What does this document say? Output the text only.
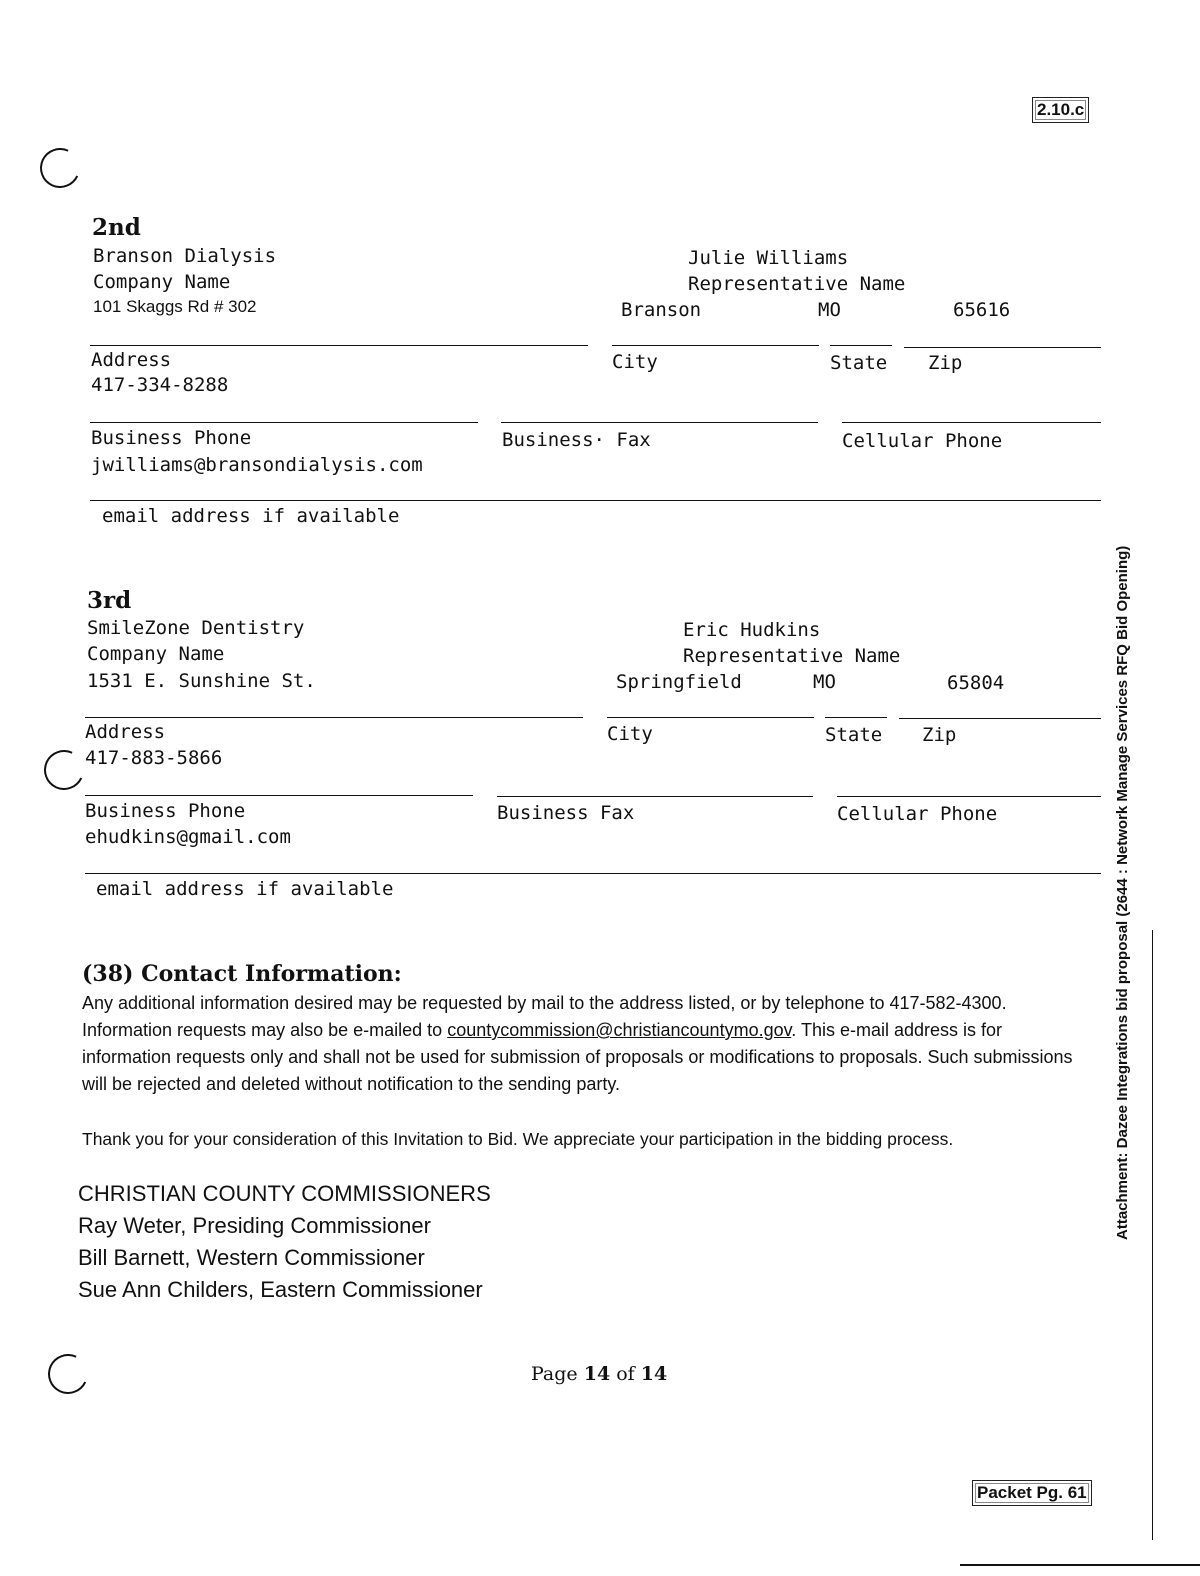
2.10.c
Attachment: Dazee Integrations bid proposal (2644 : Network Manage Services RFQ Bid Opening)
2nd
Branson Dialysis
Company Name
Julie Williams
Representative Name
101 Skaggs Rd # 302	Branson	MO	65616
Address	City	State Zip
417-334-8288
Business Phone	Business· Fax	Cellular Phone
jwilliams@bransondialysis.com
email address if available
3rd
SmileZone Dentistry
Company Name
Eric Hudkins
Representative Name
1531 E. Sunshine St.	Springfield	MO	65804
Address	City	State Zip
417-883-5866
Business Phone	Business Fax	Cellular Phone
ehudkins@gmail.com
email address if available
(38) Contact Information:
Any additional information desired may be requested by mail to the address listed, or by telephone to 417-582-4300. Information requests may also be e-mailed to countycommission@christiancountymo.gov. This e-mail address is for information requests only and shall not be used for submission of proposals or modifications to proposals. Such submissions will be rejected and deleted without notification to the sending party.
Thank you for your consideration of this Invitation to Bid. We appreciate your participation in the bidding process.
CHRISTIAN COUNTY COMMISSIONERS
Ray Weter, Presiding Commissioner
Bill Barnett, Western Commissioner
Sue Ann Childers, Eastern Commissioner
Page 14 of 14
Packet Pg. 61
